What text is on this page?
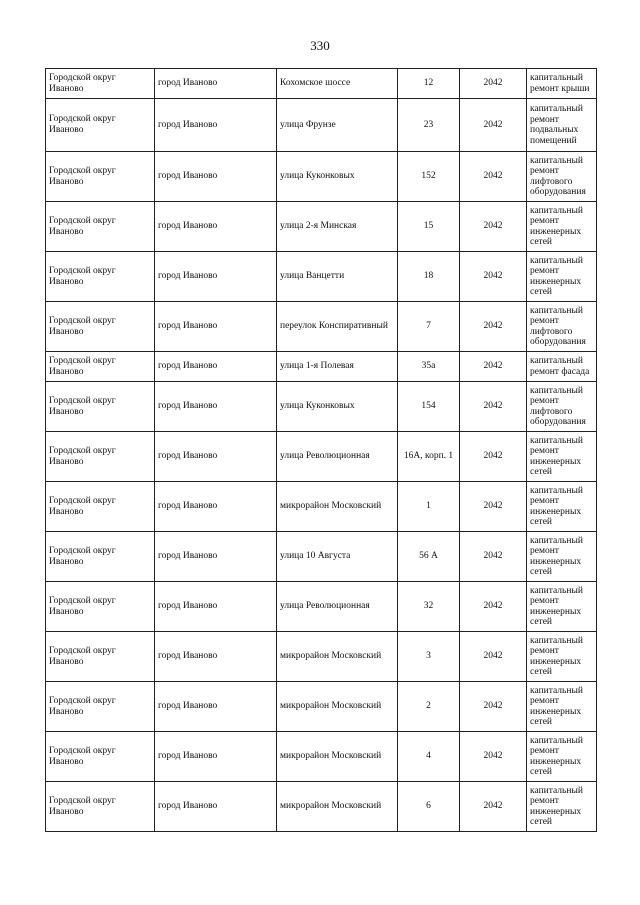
330
Городской округ Иваново	город Иваново	Кохомское шоссе	12	2042	капитальный ремонт крыши
Городской округ Иваново	город Иваново	улица Фрунзе	23	2042	капитальный ремонт подвальных помещений
Городской округ Иваново	город Иваново	улица Куконковых	152	2042	капитальный ремонт лифтового оборудования
Городской округ Иваново	город Иваново	улица 2-я Минская	15	2042	капитальный ремонт инженерных сетей
Городской округ Иваново	город Иваново	улица Ванцетти	18	2042	капитальный ремонт инженерных сетей
Городской округ Иваново	город Иваново	переулок Конспиративный	7	2042	капитальный ремонт лифтового оборудования
Городской округ Иваново	город Иваново	улица 1-я Полевая	35а	2042	капитальный ремонт фасада
Городской округ Иваново	город Иваново	улица Куконковых	154	2042	капитальный ремонт лифтового оборудования
Городской округ Иваново	город Иваново	улица Революционная	16А, корп. 1	2042	капитальный ремонт инженерных сетей
Городской округ Иваново	город Иваново	микрорайон Московский	1	2042	капитальный ремонт инженерных сетей
Городской округ Иваново	город Иваново	улица 10 Августа	56 А	2042	капитальный ремонт инженерных сетей
Городской округ Иваново	город Иваново	улица Революционная	32	2042	капитальный ремонт инженерных сетей
Городской округ Иваново	город Иваново	микрорайон Московский	3	2042	капитальный ремонт инженерных сетей
Городской округ Иваново	город Иваново	микрорайон Московский	2	2042	капитальный ремонт инженерных сетей
Городской округ Иваново	город Иваново	микрорайон Московский	4	2042	капитальный ремонт инженерных сетей
Городской округ Иваново	город Иваново	микрорайон Московский	6	2042	капитальный ремонт инженерных сетей
